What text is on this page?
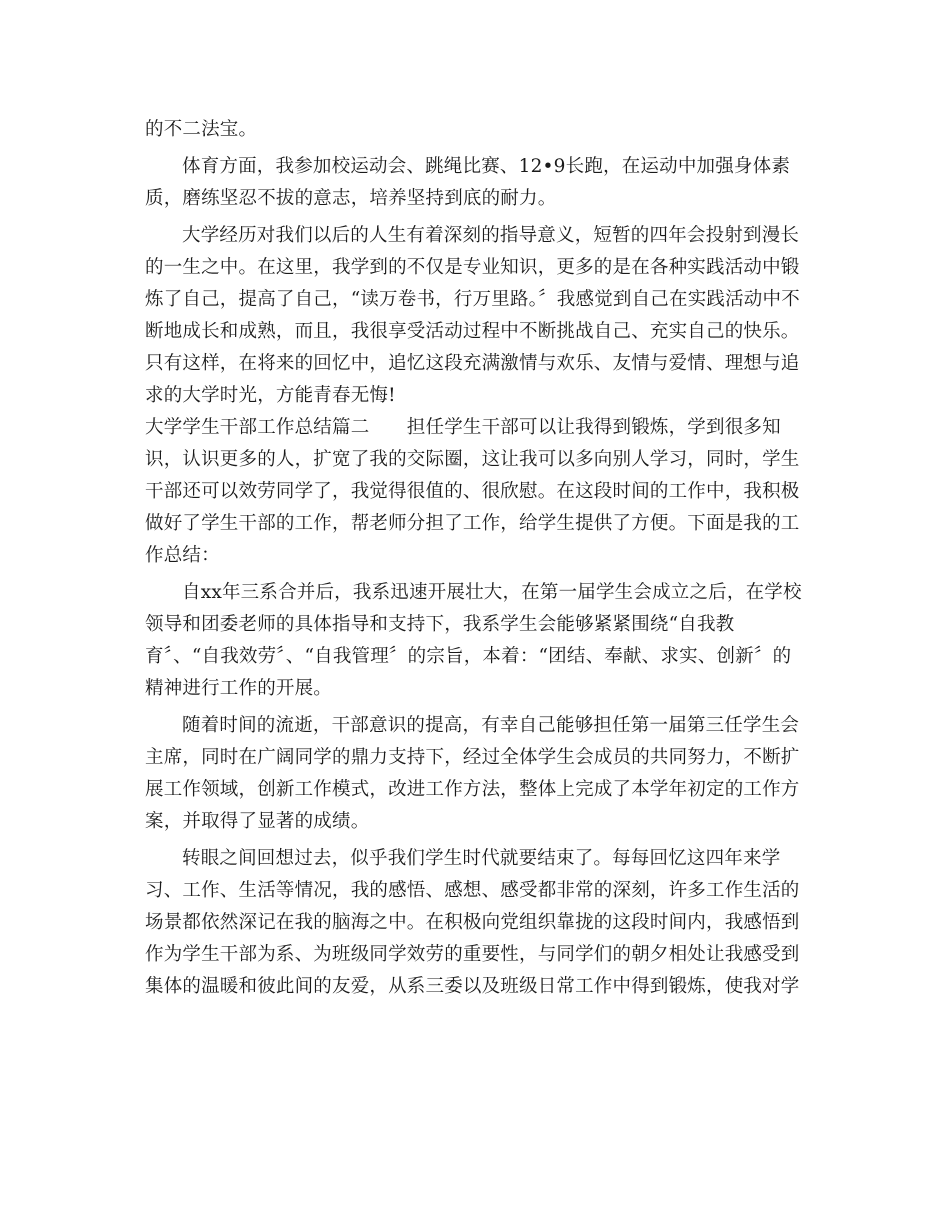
的不二法宝。
体育方面，我参加校运动会、跳绳比赛、12•9长跑，在运动中加强身体素
质，磨练坚忍不拔的意志，培养坚持到底的耐力。
大学经历对我们以后的人生有着深刻的指导意义，短暂的四年会投射到漫长
的一生之中。在这里，我学到的不仅是专业知识，更多的是在各种实践活动中锻
炼了自己，提高了自己，“读万卷书，行万里路。〞我感觉到自己在实践活动中不
断地成长和成熟，而且，我很享受活动过程中不断挑战自己、充实自己的快乐。
只有这样，在将来的回忆中，追忆这段充满激情与欢乐、友情与爱情、理想与追
求的大学时光，方能青春无悔!
大学学生干部工作总结篇二　　担任学生干部可以让我得到锻炼，学到很多知
识，认识更多的人，扩宽了我的交际圈，这让我可以多向别人学习，同时，学生
干部还可以效劳同学了，我觉得很值的、很欣慰。在这段时间的工作中，我积极
做好了学生干部的工作，帮老师分担了工作，给学生提供了方便。下面是我的工
作总结：
自xx年三系合并后，我系迅速开展壮大，在第一届学生会成立之后，在学校
领导和团委老师的具体指导和支持下，我系学生会能够紧紧围绕“自我教
育〞、“自我效劳〞、“自我管理〞的宗旨，本着：“团结、奉献、求实、创新〞的
精神进行工作的开展。
随着时间的流逝，干部意识的提高，有幸自己能够担任第一届第三任学生会
主席，同时在广阔同学的鼎力支持下，经过全体学生会成员的共同努力，不断扩
展工作领域，创新工作模式，改进工作方法，整体上完成了本学年初定的工作方
案，并取得了显著的成绩。
转眼之间回想过去，似乎我们学生时代就要结束了。每每回忆这四年来学
习、工作、生活等情况，我的感悟、感想、感受都非常的深刻，许多工作生活的
场景都依然深记在我的脑海之中。在积极向党组织靠拢的这段时间内，我感悟到
作为学生干部为系、为班级同学效劳的重要性，与同学们的朝夕相处让我感受到
集体的温暖和彼此间的友爱，从系三委以及班级日常工作中得到锻炼，使我对学
